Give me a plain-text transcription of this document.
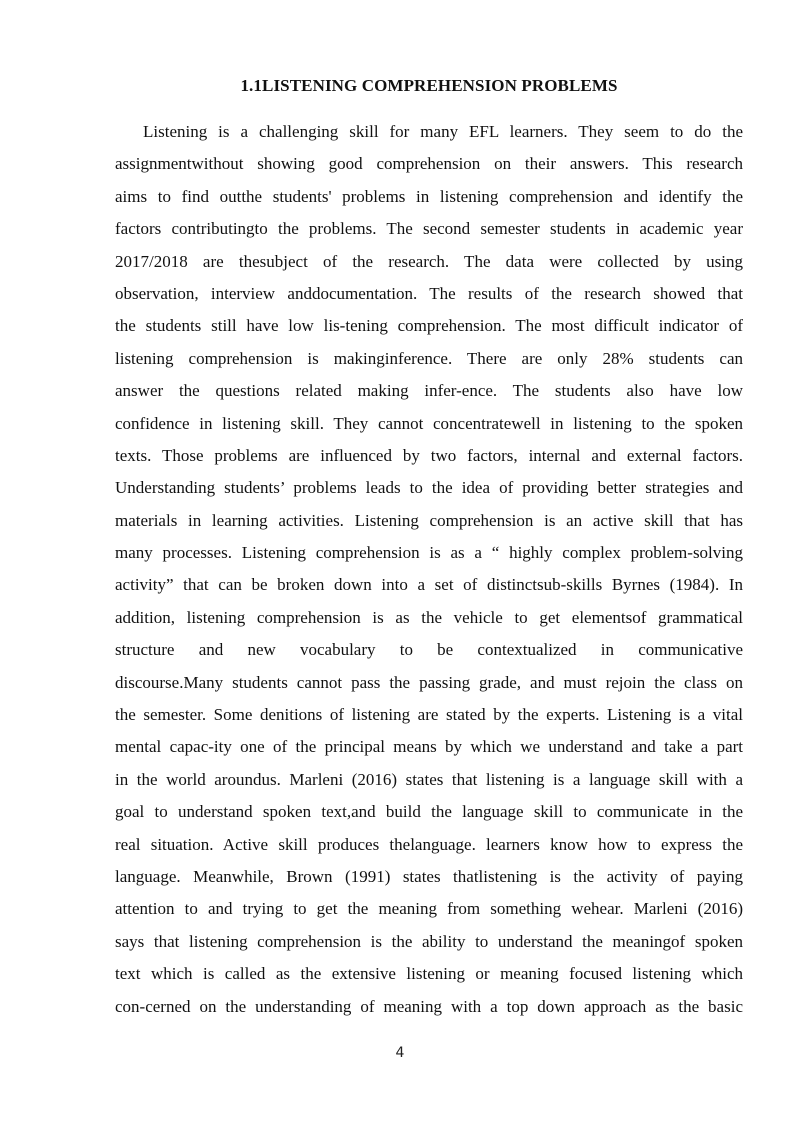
1.1LISTENING COMPREHENSION PROBLEMS
Listening is a challenging skill for many EFL learners. They seem to do the
assignmentwithout showing good comprehension on their answers. This research
aims to find outthe students' problems in listening comprehension and identify the
factors contributingto the problems. The second semester students in academic year
2017/2018 are thesubject of the research. The data were collected by using
observation, interview anddocumentation. The results of the research showed that
the students still have low lis-tening comprehension. The most difficult indicator of
listening comprehension is makinginference. There are only 28% students can
answer the questions related making infer-ence. The students also have low
confidence in listening skill. They cannot concentratewell in listening to the spoken
texts. Those problems are influenced by two factors, internal and external factors.
Understanding students’ problems leads to the idea of providing better strategies and
materials in learning activities. Listening comprehension is an active skill that has
many processes. Listening comprehension is as a “ highly complex problem-solving
activity” that can be broken down into a set of distinctsub-skills Byrnes (1984). In
addition, listening comprehension is as the vehicle to get elementsof grammatical
structure and new vocabulary to be contextualized in communicative
discourse.Many students cannot pass the passing grade, and must rejoin the class on
the semester. Some denitions of listening are stated by the experts. Listening is a vital
mental capac-ity one of the principal means by which we understand and take a part
in the world aroundus. Marleni (2016) states that listening is a language skill with a
goal to understand spoken text,and build the language skill to communicate in the
real situation. Active skill produces thelanguage. learners know how to express the
language. Meanwhile, Brown (1991) states thatlistening is the activity of paying
attention to and trying to get the meaning from something wehear. Marleni (2016)
says that listening comprehension is the ability to understand the meaningof spoken
text which is called as the extensive listening or meaning focused listening which
con-cerned on the understanding of meaning with a top down approach as the basic
4
